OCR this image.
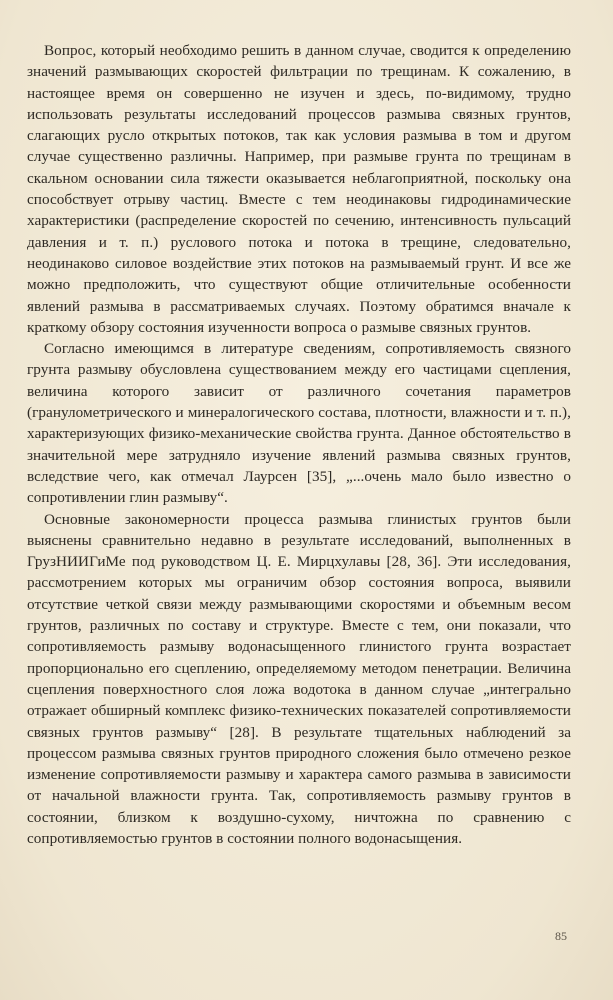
Вопрос, который необходимо решить в данном случае, сводится к определению значений размывающих скоростей фильтрации по трещинам. К сожалению, в настоящее время он совершенно не изучен и здесь, по-видимому, трудно использовать результаты исследований процессов размыва связных грунтов, слагающих русло открытых потоков, так как условия размыва в том и другом случае существенно различны. Например, при размыве грунта по трещинам в скальном основании сила тяжести оказывается неблагоприятной, поскольку она способствует отрыву частиц. Вместе с тем неодинаковы гидродинамические характеристики (распределение скоростей по сечению, интенсивность пульсаций давления и т. п.) руслового потока и потока в трещине, следовательно, неодинаково силовое воздействие этих потоков на размываемый грунт. И все же можно предположить, что существуют общие отличительные особенности явлений размыва в рассматриваемых случаях. Поэтому обратимся вначале к краткому обзору состояния изученности вопроса о размыве связных грунтов.

Согласно имеющимся в литературе сведениям, сопротивляемость связного грунта размыву обусловлена существованием между его частицами сцепления, величина которого зависит от различного сочетания параметров (гранулометрического и минералогического состава, плотности, влажности и т. п.), характеризующих физико-механические свойства грунта. Данное обстоятельство в значительной мере затрудняло изучение явлений размыва связных грунтов, вследствие чего, как отмечал Лаурсен [35], „...очень мало было известно о сопротивлении глин размыву“.

Основные закономерности процесса размыва глинистых грунтов были выяснены сравнительно недавно в результате исследований, выполненных в ГрузНИИГиМе под руководством Ц. Е. Мирцхулавы [28, 36]. Эти исследования, рассмотрением которых мы ограничим обзор состояния вопроса, выявили отсутствие четкой связи между размывающими скоростями и объемным весом грунтов, различных по составу и структуре. Вместе с тем, они показали, что сопротивляемость размыву водонасыщенного глинистого грунта возрастает пропорционально его сцеплению, определяемому методом пенетрации. Величина сцепления поверхностного слоя ложа водотока в данном случае „интегрально отражает обширный комплекс физико-технических показателей сопротивляемости связных грунтов размыву“ [28]. В результате тщательных наблюдений за процессом размыва связных грунтов природного сложения было отмечено резкое изменение сопротивляемости размыву и характера самого размыва в зависимости от начальной влажности грунта. Так, сопротивляемость размыву грунтов в состоянии, близком к воздушно-сухому, ничтожна по сравнению с сопротивляемостью грунтов в состоянии полного водонасыщения.

85
